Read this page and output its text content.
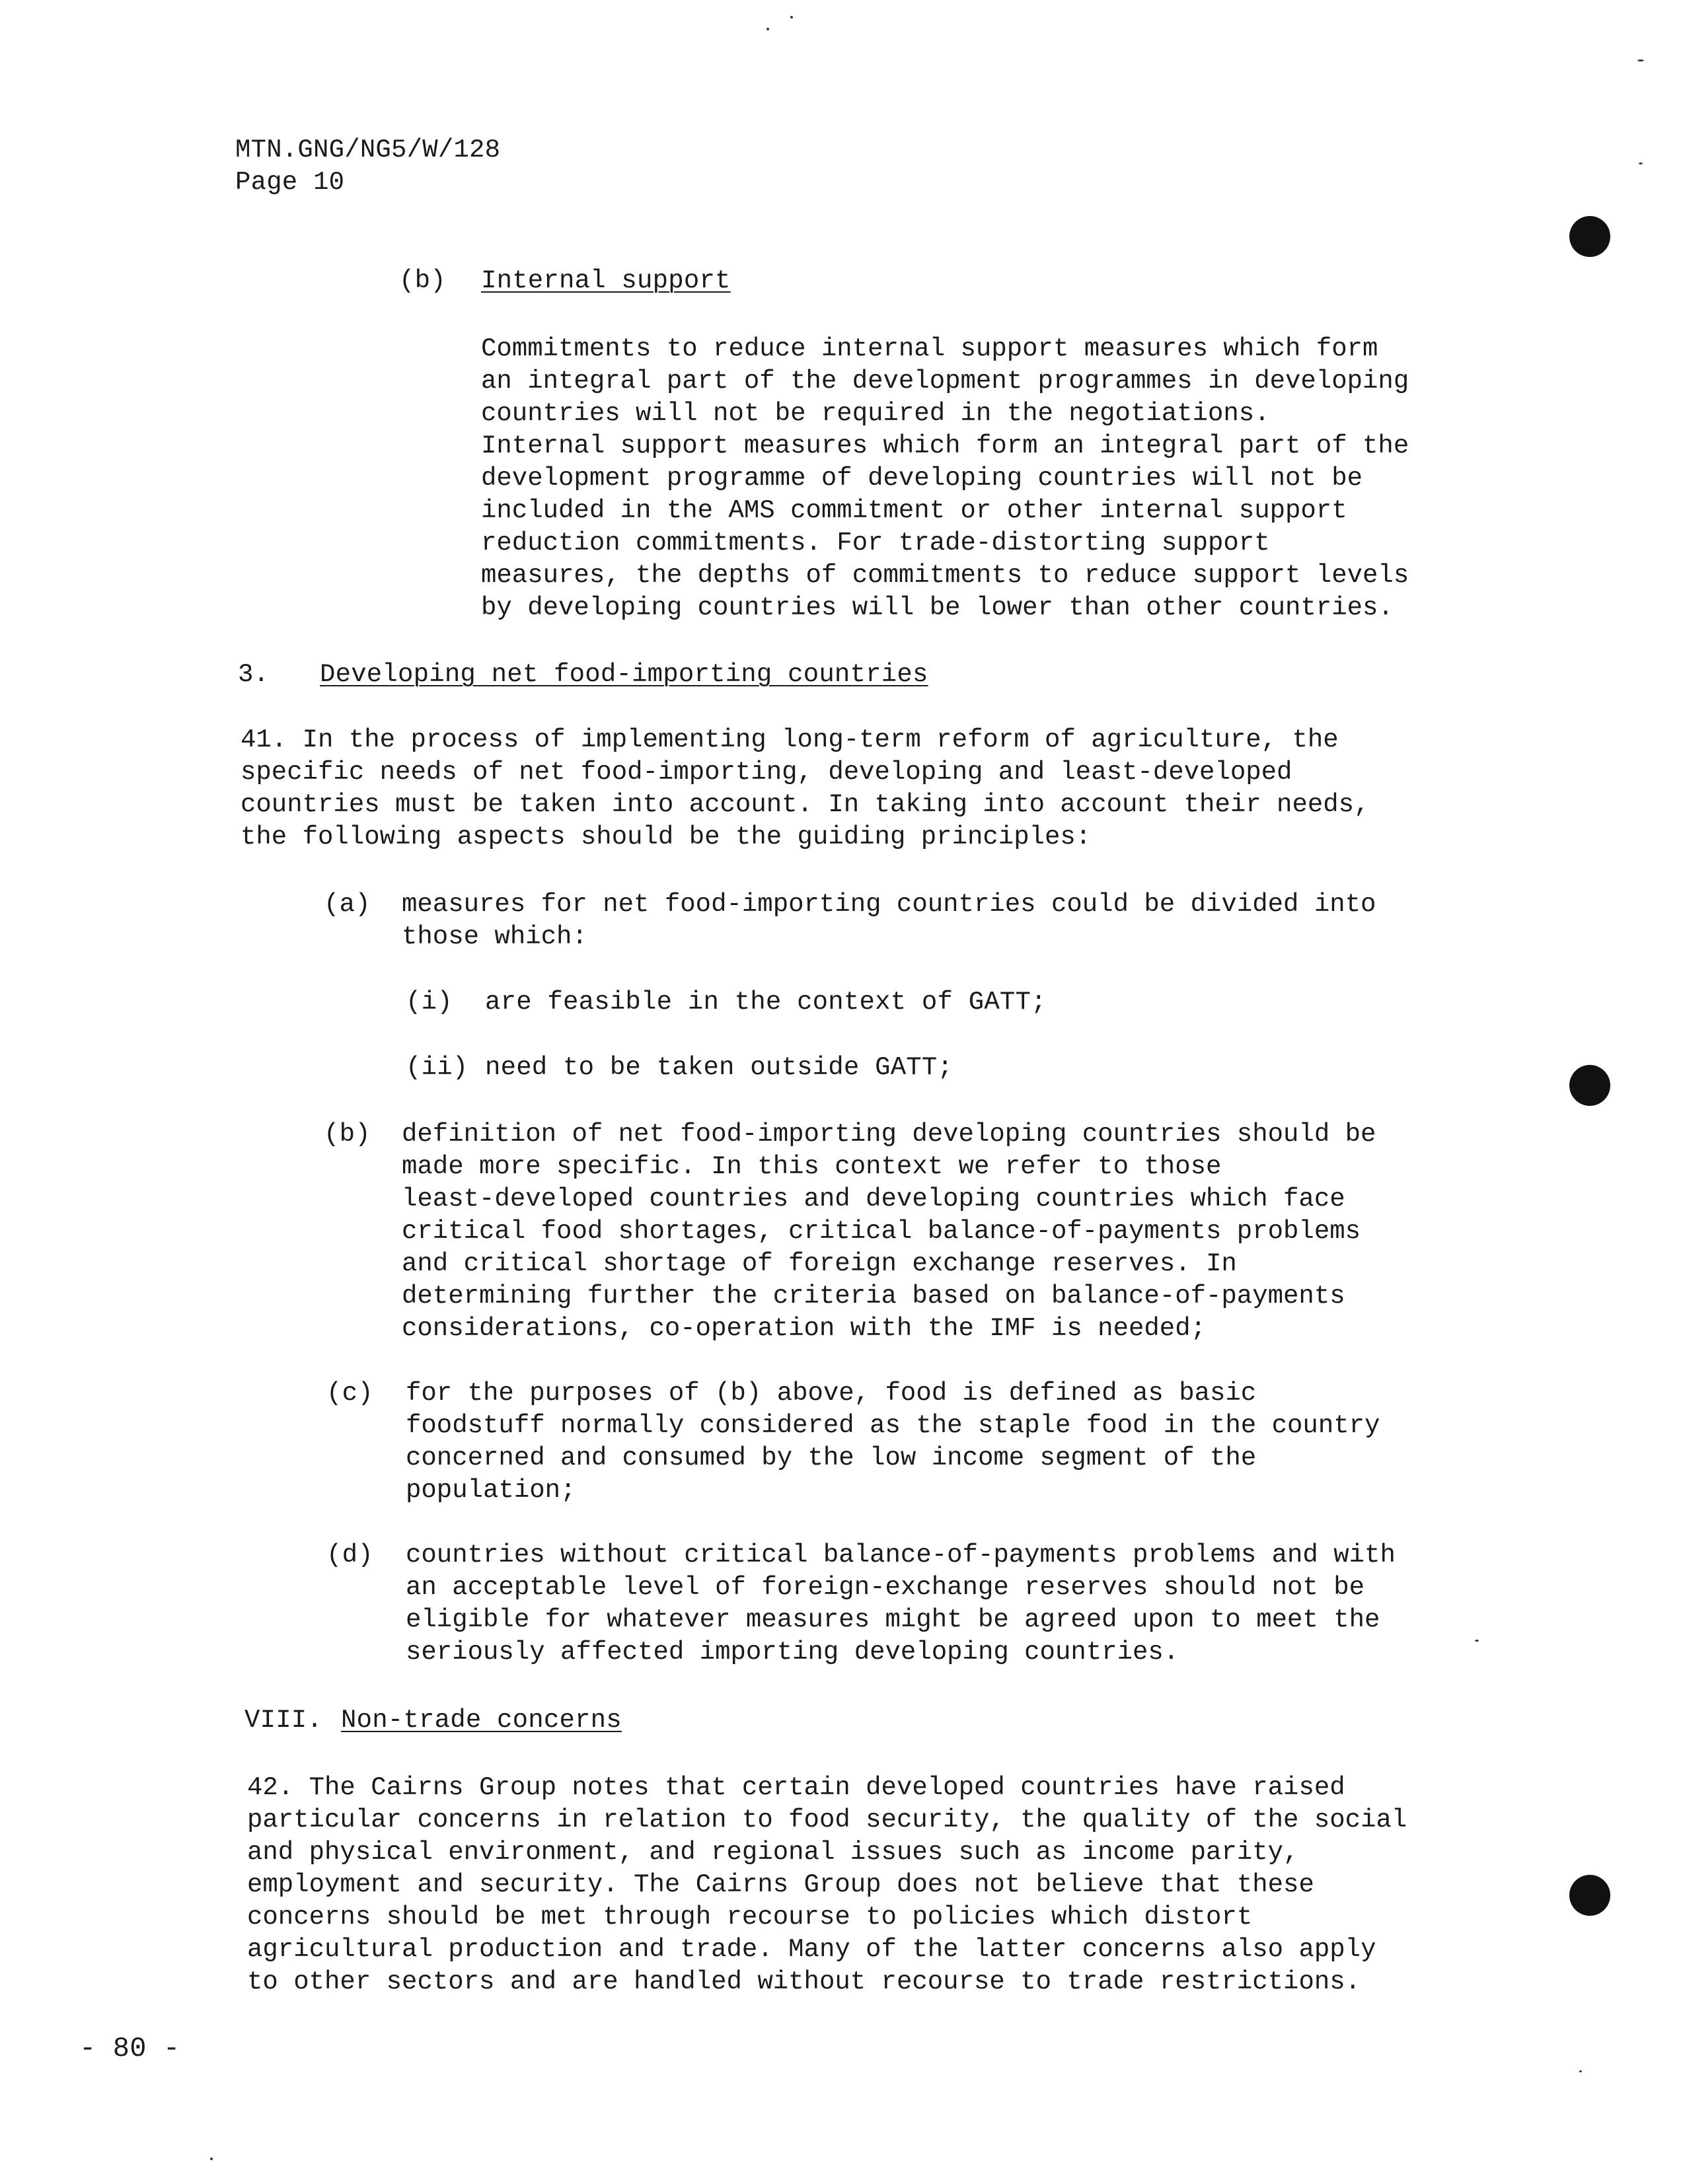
MTN.GNG/NG5/W/128
Page 10
(b) Internal support
Commitments to reduce internal support measures which form
an integral part of the development programmes in developing
countries will not be required in the negotiations.
Internal support measures which form an integral part of the
development programme of developing countries will not be
included in the AMS commitment or other internal support
reduction commitments. For trade-distorting support
measures, the depths of commitments to reduce support levels
by developing countries will be lower than other countries.
3. Developing net food-importing countries
41. In the process of implementing long-term reform of agriculture, the
specific needs of net food-importing, developing and least-developed
countries must be taken into account. In taking into account their needs,
the following aspects should be the guiding principles:
(a) measures for net food-importing countries could be divided into
those which:
(i) are feasible in the context of GATT;
(ii) need to be taken outside GATT;
(b) definition of net food-importing developing countries should be
made more specific. In this context we refer to those
least-developed countries and developing countries which face
critical food shortages, critical balance-of-payments problems
and critical shortage of foreign exchange reserves. In
determining further the criteria based on balance-of-payments
considerations, co-operation with the IMF is needed;
(c) for the purposes of (b) above, food is defined as basic
foodstuff normally considered as the staple food in the country
concerned and consumed by the low income segment of the
population;
(d) countries without critical balance-of-payments problems and with
an acceptable level of foreign-exchange reserves should not be
eligible for whatever measures might be agreed upon to meet the
seriously affected importing developing countries.
VIII. Non-trade concerns
42. The Cairns Group notes that certain developed countries have raised
particular concerns in relation to food security, the quality of the social
and physical environment, and regional issues such as income parity,
employment and security. The Cairns Group does not believe that these
concerns should be met through recourse to policies which distort
agricultural production and trade. Many of the latter concerns also apply
to other sectors and are handled without recourse to trade restrictions.
- 80 -
